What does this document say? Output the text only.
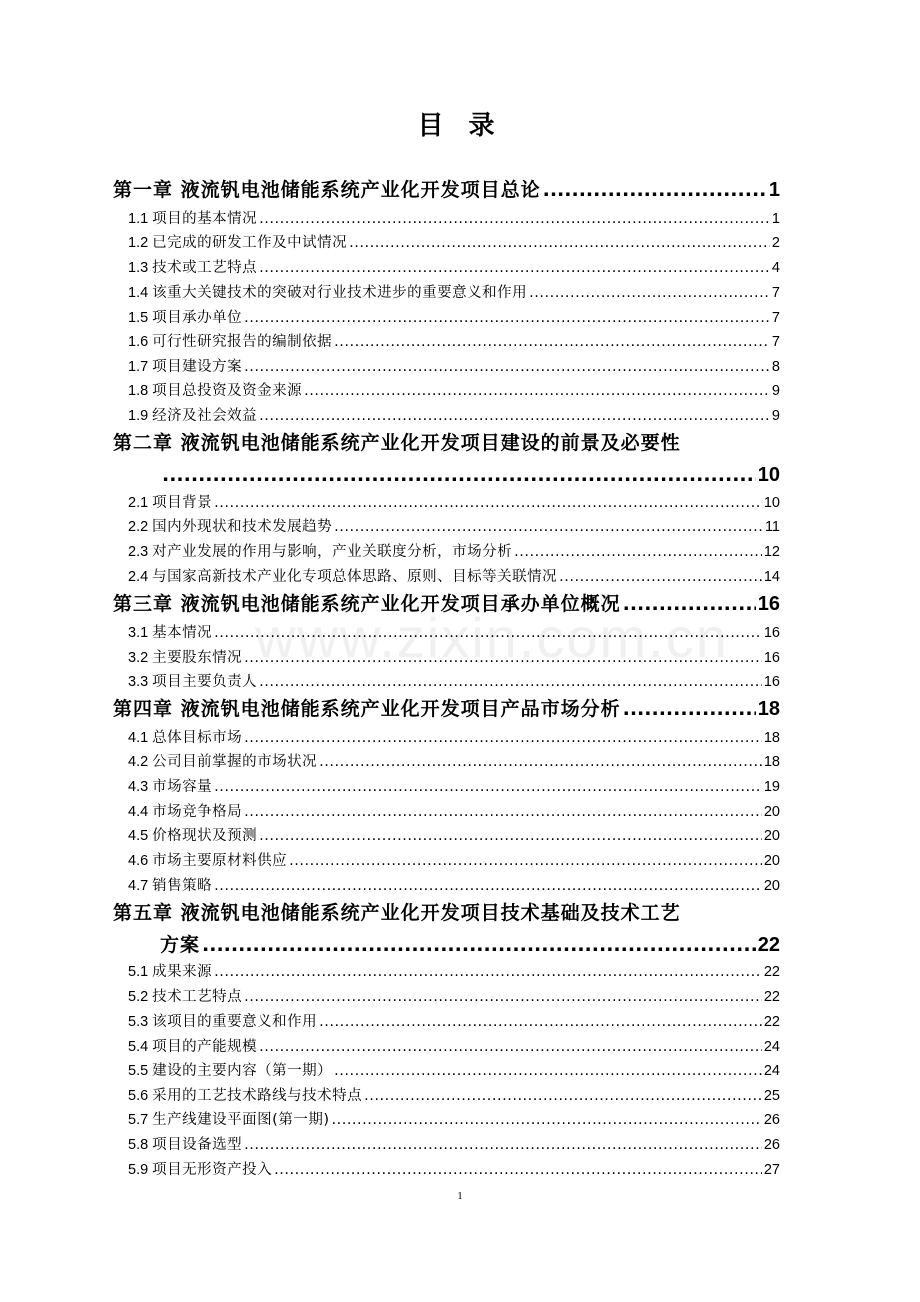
目 录
www.zixin.com.cn
第一章 液流钒电池储能系统产业化开发项目总论 .....	1
1.1 项目的基本情况 .....	1
1.2 已完成的研发工作及中试情况 .....	2
1.3 技术或工艺特点 .....	4
1.4 该重大关键技术的突破对行业技术进步的重要意义和作用 .....	7
1.5 项目承办单位 .....	7
1.6 可行性研究报告的编制依据 .....	7
1.7 项目建设方案 .....	8
1.8 项目总投资及资金来源 .....	9
1.9 经济及社会效益 .....	9
第二章 液流钒电池储能系统产业化开发项目建设的前景及必要性
.....
10
2.1 项目背景 .....	10
2.2 国内外现状和技术发展趋势 .....	11
2.3 对产业发展的作用与影响，产业关联度分析，市场分析 .....	12
2.4 与国家高新技术产业化专项总体思路、原则、目标等关联情况 .....	14
第三章 液流钒电池储能系统产业化开发项目承办单位概况 .....	16
3.1 基本情况 .....	16
3.2 主要股东情况 .....	16
3.3 项目主要负责人 .....	16
第四章 液流钒电池储能系统产业化开发项目产品市场分析 .....	18
4.1 总体目标市场 .....	18
4.2 公司目前掌握的市场状况 .....	18
4.3 市场容量 .....	19
4.4 市场竞争格局 .....	20
4.5 价格现状及预测 .....	20
4.6 市场主要原材料供应 .....	20
4.7 销售策略 .....	20
第五章 液流钒电池储能系统产业化开发项目技术基础及技术工艺
方案 .....	22
5.1 成果来源 .....	22
5.2 技术工艺特点 .....	22
5.3 该项目的重要意义和作用 .....	22
5.4 项目的产能规模 .....	24
5.5 建设的主要内容（第一期） .....	24
5.6 采用的工艺技术路线与技术特点 .....	25
5.7 生产线建设平面图(第一期) .....	26
5.8 项目设备选型 .....	26
5.9 项目无形资产投入 .....	27
1
